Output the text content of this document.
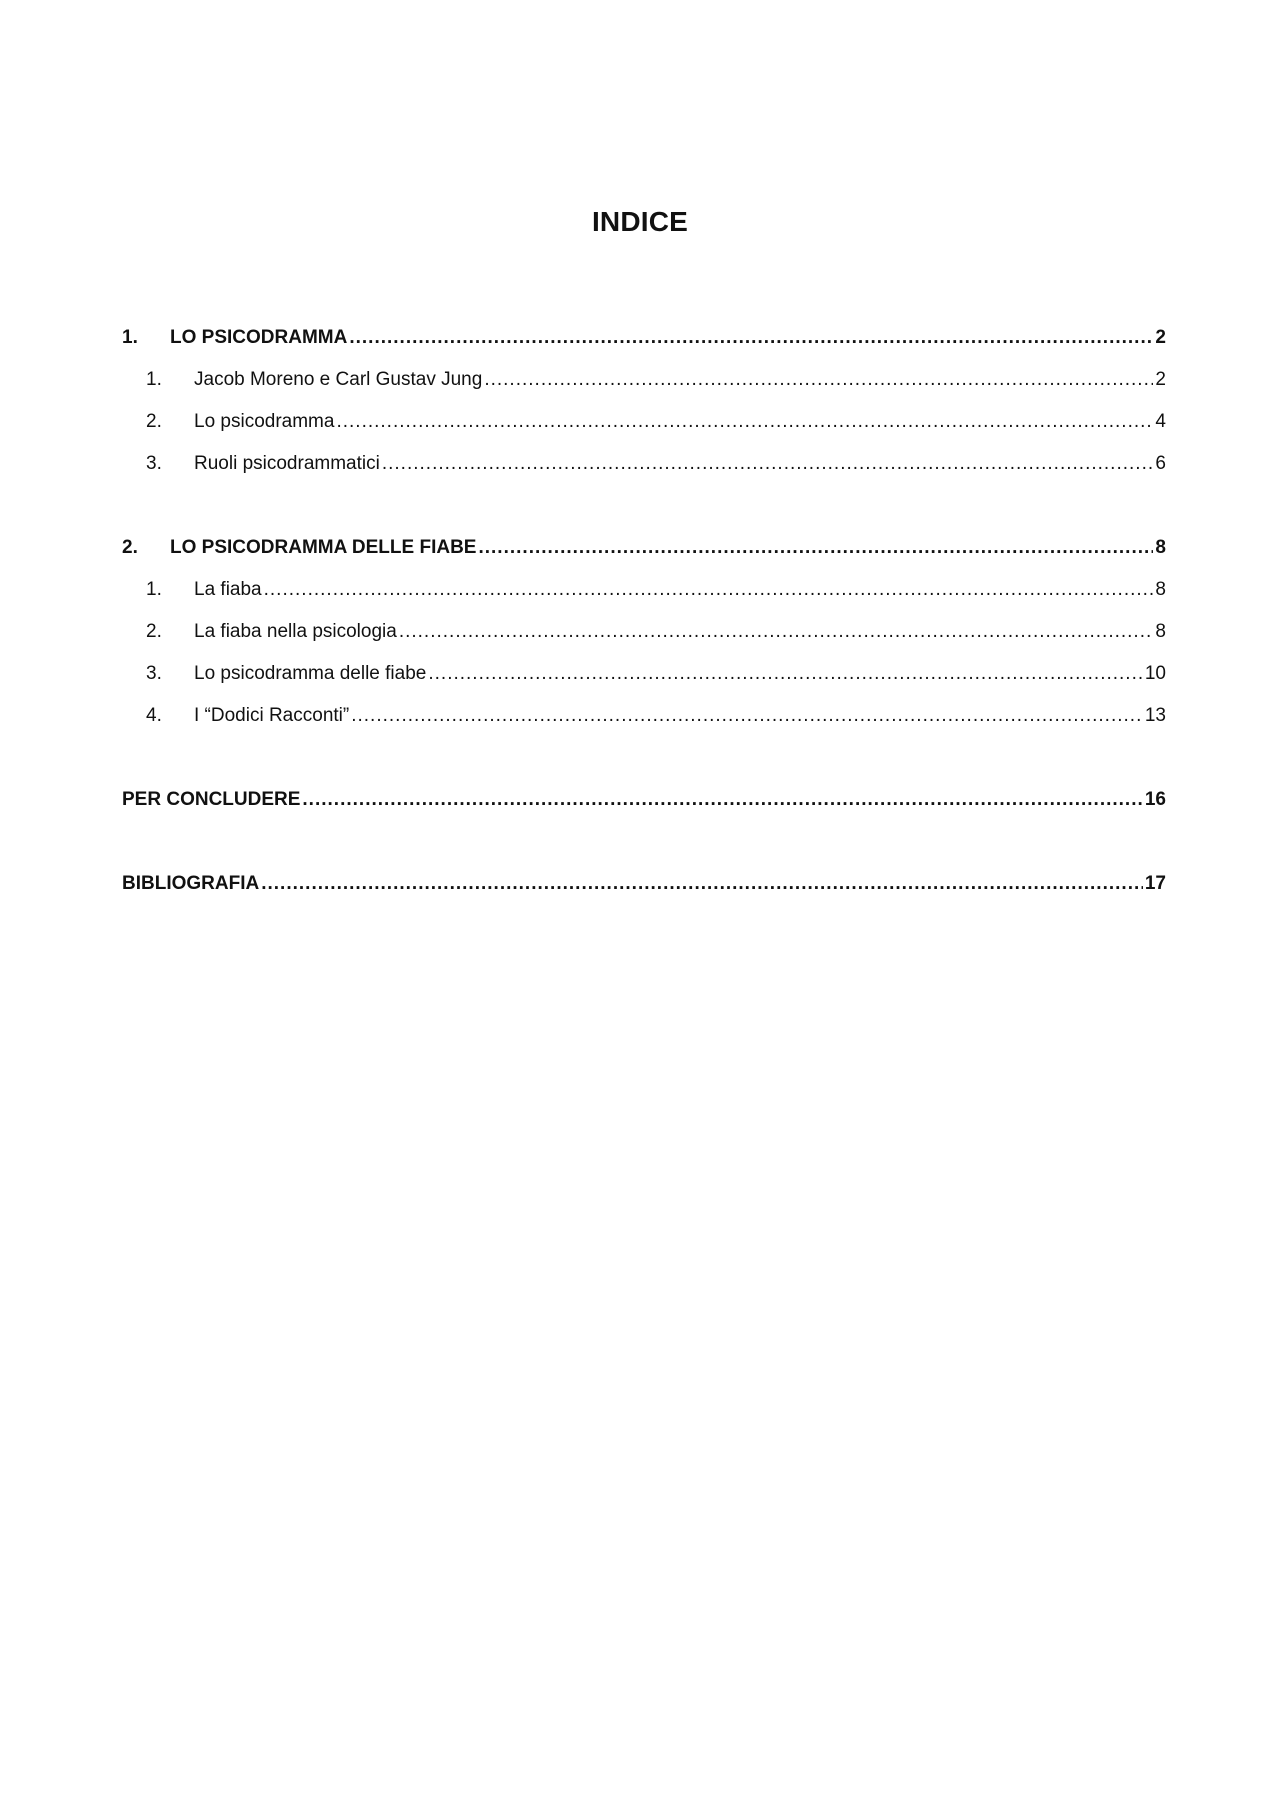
INDICE
1.	LO PSICODRAMMA .....	2
1.	Jacob Moreno e Carl Gustav Jung .....	2
2.	Lo psicodramma .....	4
3.	Ruoli psicodrammatici .....	6
2.	LO PSICODRAMMA DELLE FIABE .....	8
1.	La fiaba .....	8
2.	La fiaba nella psicologia .....	8
3.	Lo psicodramma delle fiabe .....	10
4.	I “Dodici Racconti” .....	13
PER CONCLUDERE .....	16
BIBLIOGRAFIA .....	17
